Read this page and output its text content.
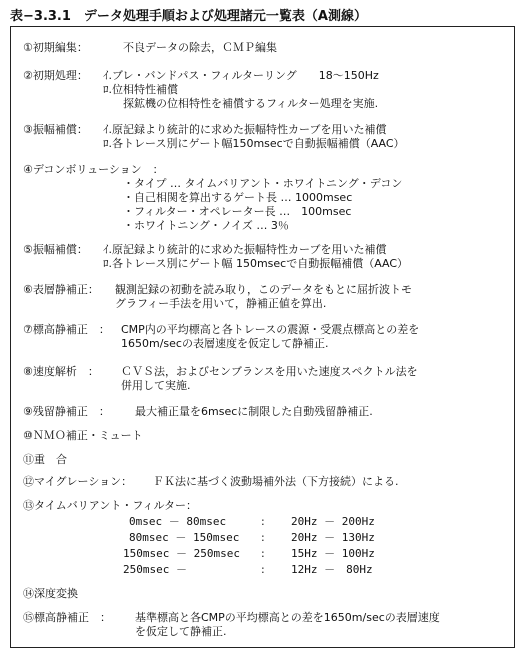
表−3.3.1　データ処理手順および処理諸元一覧表（A測線）
①初期編集：	不良データの除去，ＣＭＰ編集
②初期処理： ｲ.ブレ・バンドパス・フィルターリング　　18～150Hz
ﾛ.位相特性補償
探鉱機の位相特性を補償するフィルター処理を実施.
③振幅補償： ｲ.原記録より統計的に求めた振幅特性カーブを用いた補償
ﾛ.各トレース別にゲート幅150msecで自動振幅補償（AAC）
④デコンボリューション　：
・タイプ … タイムバリアント・ホワイトニング・デコン
・自己相関を算出するゲート長 … 1000msec
・フィルター・オペレーター長 …　100msec
・ホワイトニング・ノイズ … 3％
⑤振幅補償： ｲ.原記録より統計的に求めた振幅特性カーブを用いた補償
ﾛ.各トレース別にゲート幅 150msecで自動振幅補償（AAC）
⑥表層静補正： 観測記録の初動を読み取り，このデータをもとに屈折波トモ
グラフィー手法を用いて，静補正値を算出.
⑦標高静補正　： CMP内の平均標高と各トレースの震源・受震点標高との差を
1650m/secの表層速度を仮定して静補正.
⑧速度解析　： ＣＶＳ法，およびセンブランスを用いた速度スペクトル法を
併用して実施.
⑨残留静補正　： 最大補正量を6msecに制限した自動残留静補正.
⑩ＮＭＯ補正・ミュート
⑪重　合
⑫マイグレーション： ＦＫ法に基づく波動場補外法（下方接続）による.
⑬タイムバリアント・フィルター：
0msec － 80msec	: 20Hz － 200Hz
80msec － 150msec : 20Hz － 130Hz
150msec － 250msec : 15Hz － 100Hz
250msec －	: 12Hz －　80Hz
⑭深度変換
⑮標高静補正　： 基準標高と各CMPの平均標高との差を1650m/secの表層速度
を仮定して静補正.
